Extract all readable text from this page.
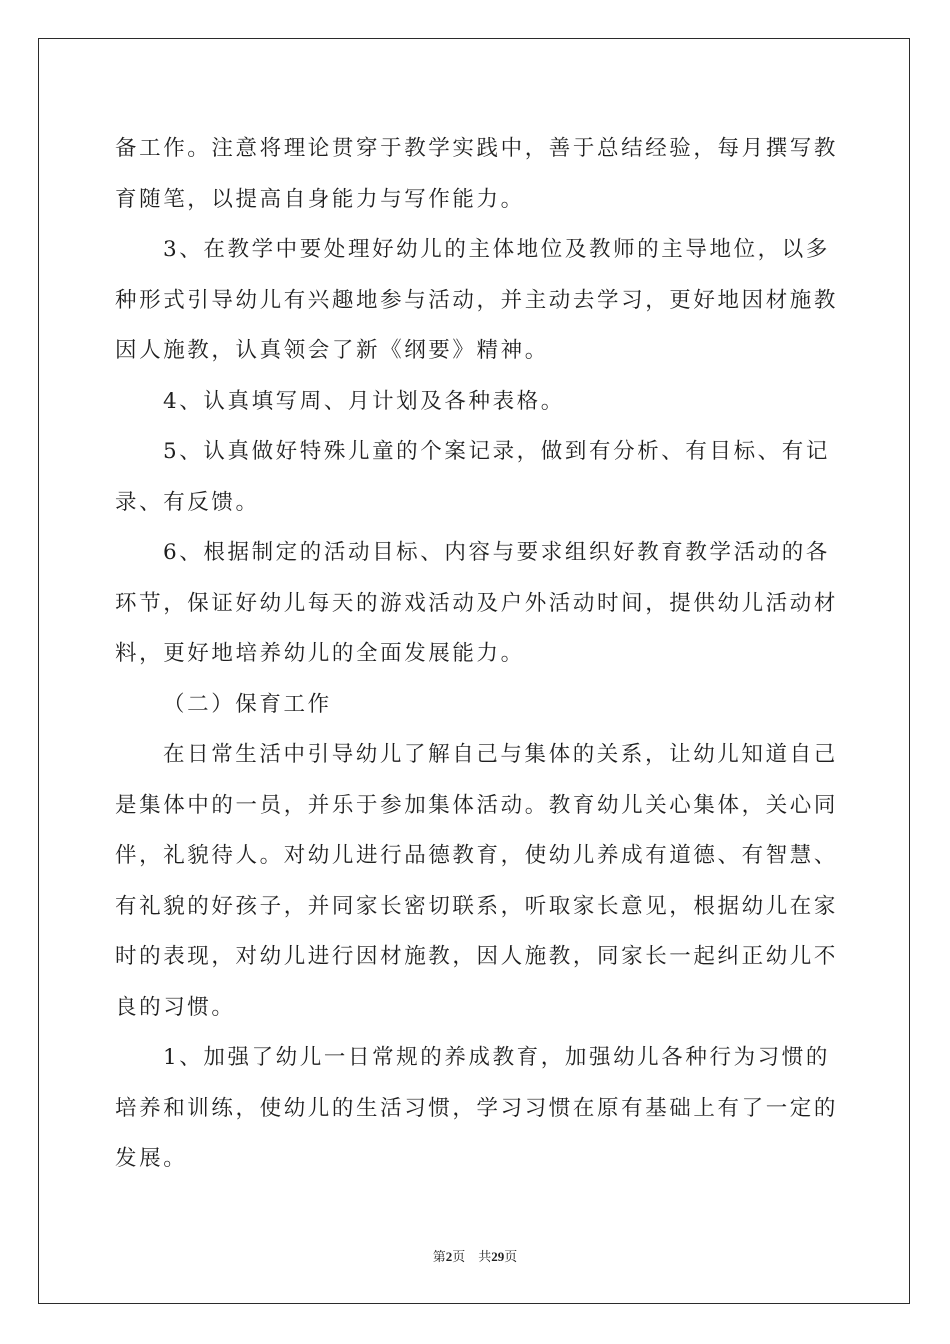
备工作。注意将理论贯穿于教学实践中，善于总结经验，每月撰写教
育随笔，以提高自身能力与写作能力。
3、在教学中要处理好幼儿的主体地位及教师的主导地位，以多
种形式引导幼儿有兴趣地参与活动，并主动去学习，更好地因材施教
因人施教，认真领会了新《纲要》精神。
4、认真填写周、月计划及各种表格。
5、认真做好特殊儿童的个案记录，做到有分析、有目标、有记
录、有反馈。
6、根据制定的活动目标、内容与要求组织好教育教学活动的各
环节，保证好幼儿每天的游戏活动及户外活动时间，提供幼儿活动材
料，更好地培养幼儿的全面发展能力。
（二）保育工作
在日常生活中引导幼儿了解自己与集体的关系，让幼儿知道自己
是集体中的一员，并乐于参加集体活动。教育幼儿关心集体，关心同
伴，礼貌待人。对幼儿进行品德教育，使幼儿养成有道德、有智慧、
有礼貌的好孩子，并同家长密切联系，听取家长意见，根据幼儿在家
时的表现，对幼儿进行因材施教，因人施教，同家长一起纠正幼儿不
良的习惯。
1、加强了幼儿一日常规的养成教育，加强幼儿各种行为习惯的
培养和训练，使幼儿的生活习惯，学习习惯在原有基础上有了一定的
发展。
第2页    共29页
